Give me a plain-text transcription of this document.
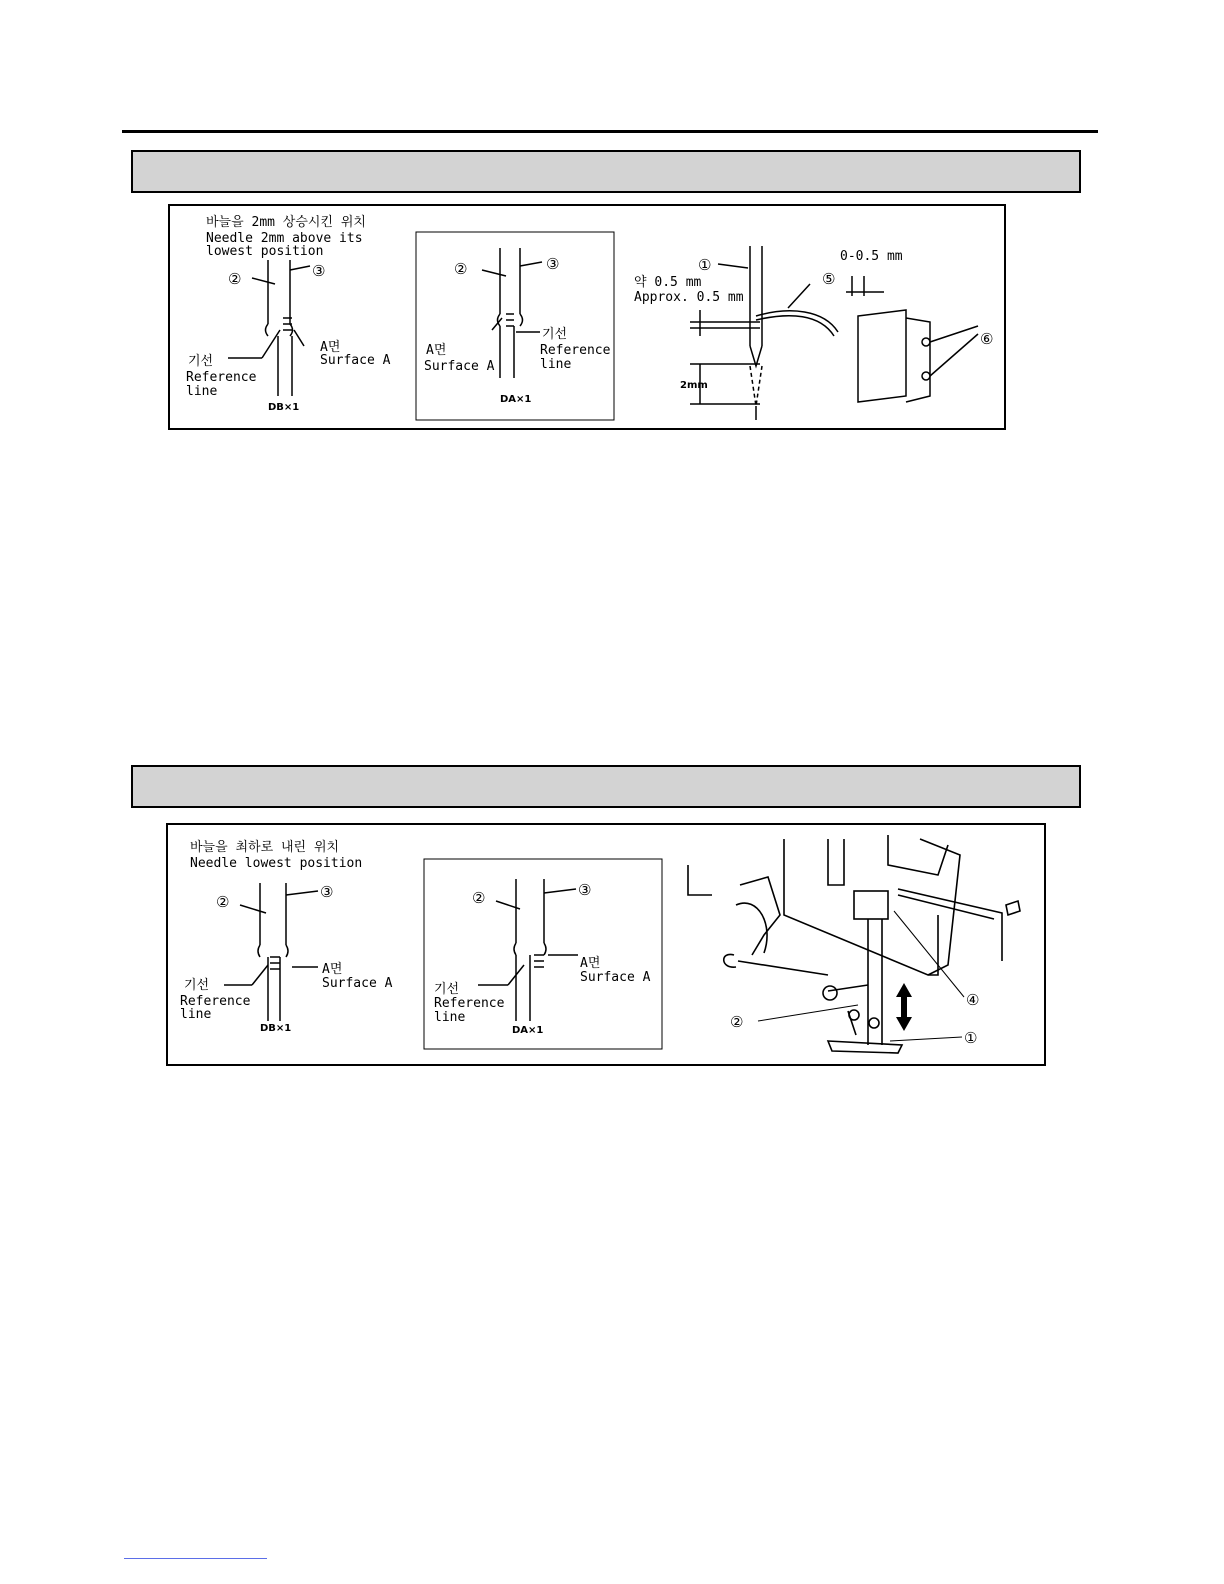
바늘을 2mm 상승시킨 위치
Needle 2mm above its
lowest position
②	③
기선
Reference
line
A면
Surface A
DB×1
②	③
A면
Surface A
기선
Reference
line
DA×1
①
⑤
약 0.5 mm
Approx. 0.5 mm
2mm
0-0.5 mm
⑥
바늘을 최하로 내린 위치
Needle lowest position
②
③
기선
Reference
line
A면
Surface A
DB×1
②	③
A면
Surface A
기선
Reference
line
DA×1	②
①
④
